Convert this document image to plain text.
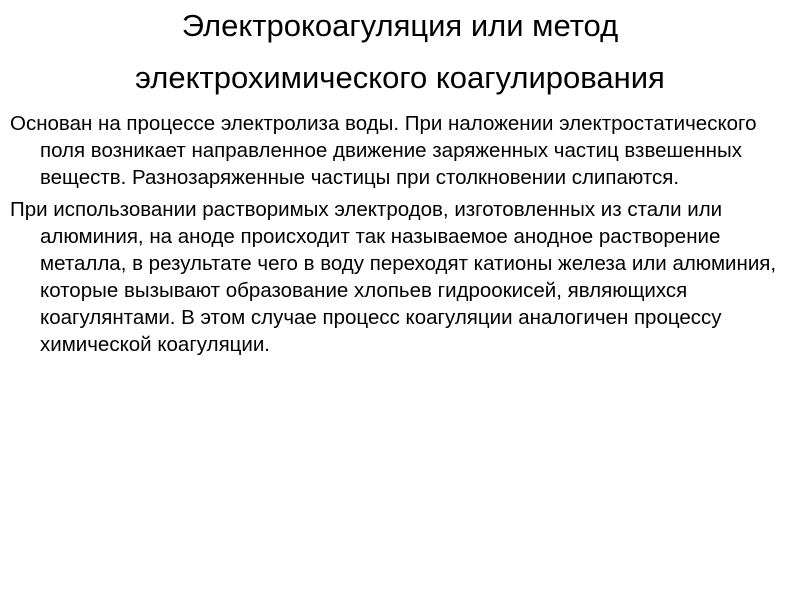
Электрокоагуляция или метод
электрохимического коагулирования

Основан на процессе электролиза воды. При наложении электростатического поля возникает направленное движение заряженных частиц взвешенных веществ. Разнозаряженные частицы при столкновении слипаются.

При использовании растворимых электродов, изготовленных из стали или алюминия, на аноде происходит так называемое анодное растворение металла, в результате чего в воду переходят катионы железа или алюминия, которые вызывают образование хлопьев гидроокисей, являющихся коагулянтами. В этом случае процесс коагуляции аналогичен процессу химической коагуляции.
